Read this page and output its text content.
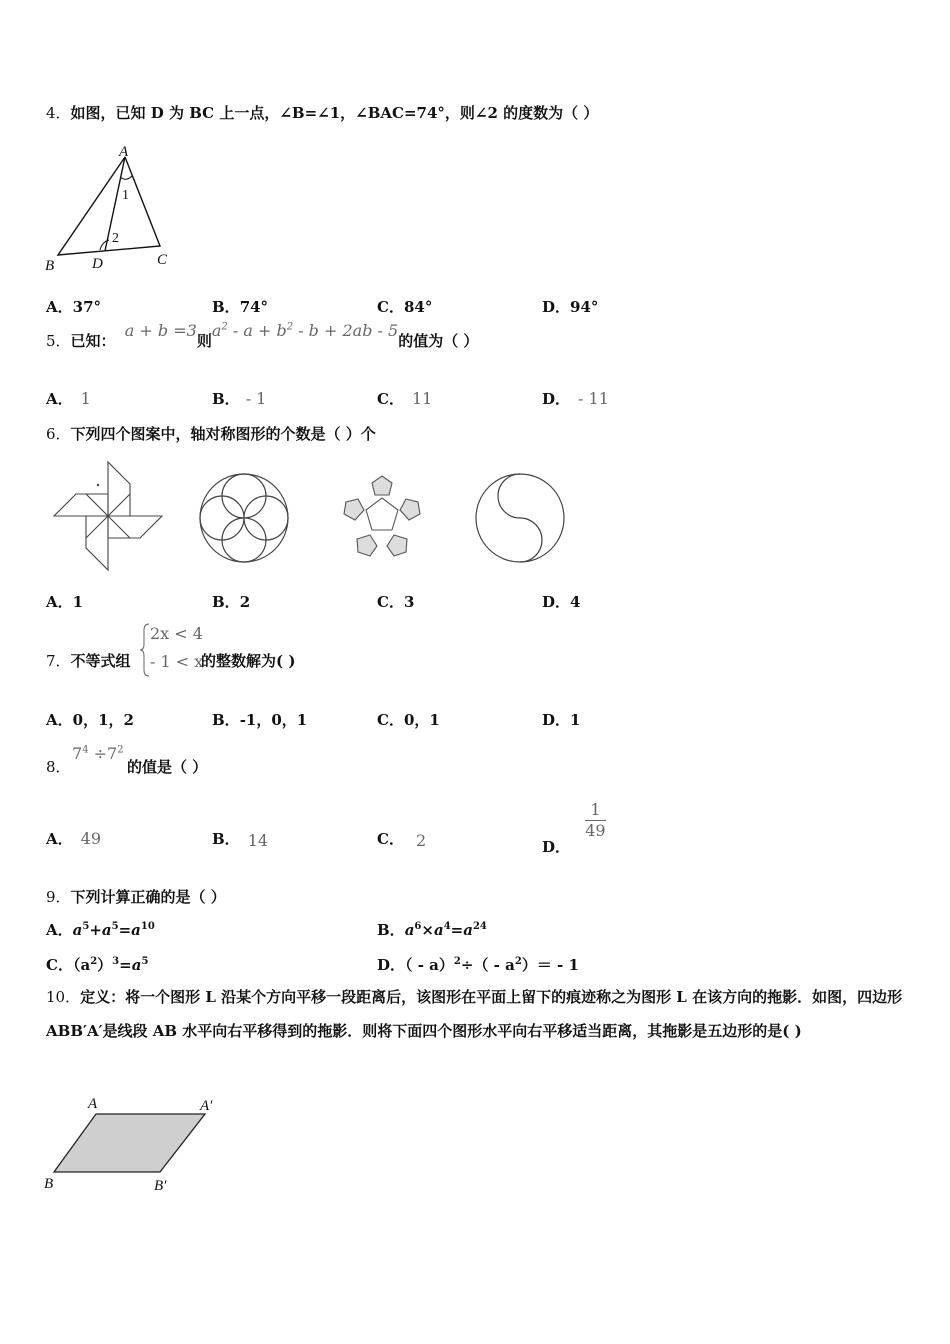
4．如图，已知 D 为 BC 上一点，∠B=∠1，∠BAC=74°，则∠2 的度数为（ ）
A
B	C
D
1
2
A．37°	B．74°	C．84°	D．94°
5．已知： a + b =3则$a^2 - a + b^2 - b + 2ab - 5$的值为（ ）
A． 1	B． - 1	C． 11	D． - 11
6．下列四个图案中，轴对称图形的个数是（ ）个
A．1	B．2	C．3	D．4
7．不等式组
2x < 4
- 1 < x
的整数解为( )
A．0，1，2	B．-1，0，1	C．0，1	D．1
8．
$7^4 \div 7^2$
的值是（ ）
A． 49	B． 14	C． 2	D．
$\frac{1}{49}$
9．下列计算正确的是（ ）
A．$a^5+a^5=a^{10}$	B．$a^6\times a^4=a^{24}$
C．$(a^2)^3=a^5$	D．（ - $a)^2\div( - a^2)= - 1$
10．定义：将一个图形 L 沿某个方向平移一段距离后，该图形在平面上留下的痕迹称之为图形 L 在该方向的拖影．如图，四边形 ABB′A′是线段 AB 水平向右平移得到的拖影．则将下面四个图形水平向右平移适当距离，其拖影是五边形的是( )
A	A′
B	B′
